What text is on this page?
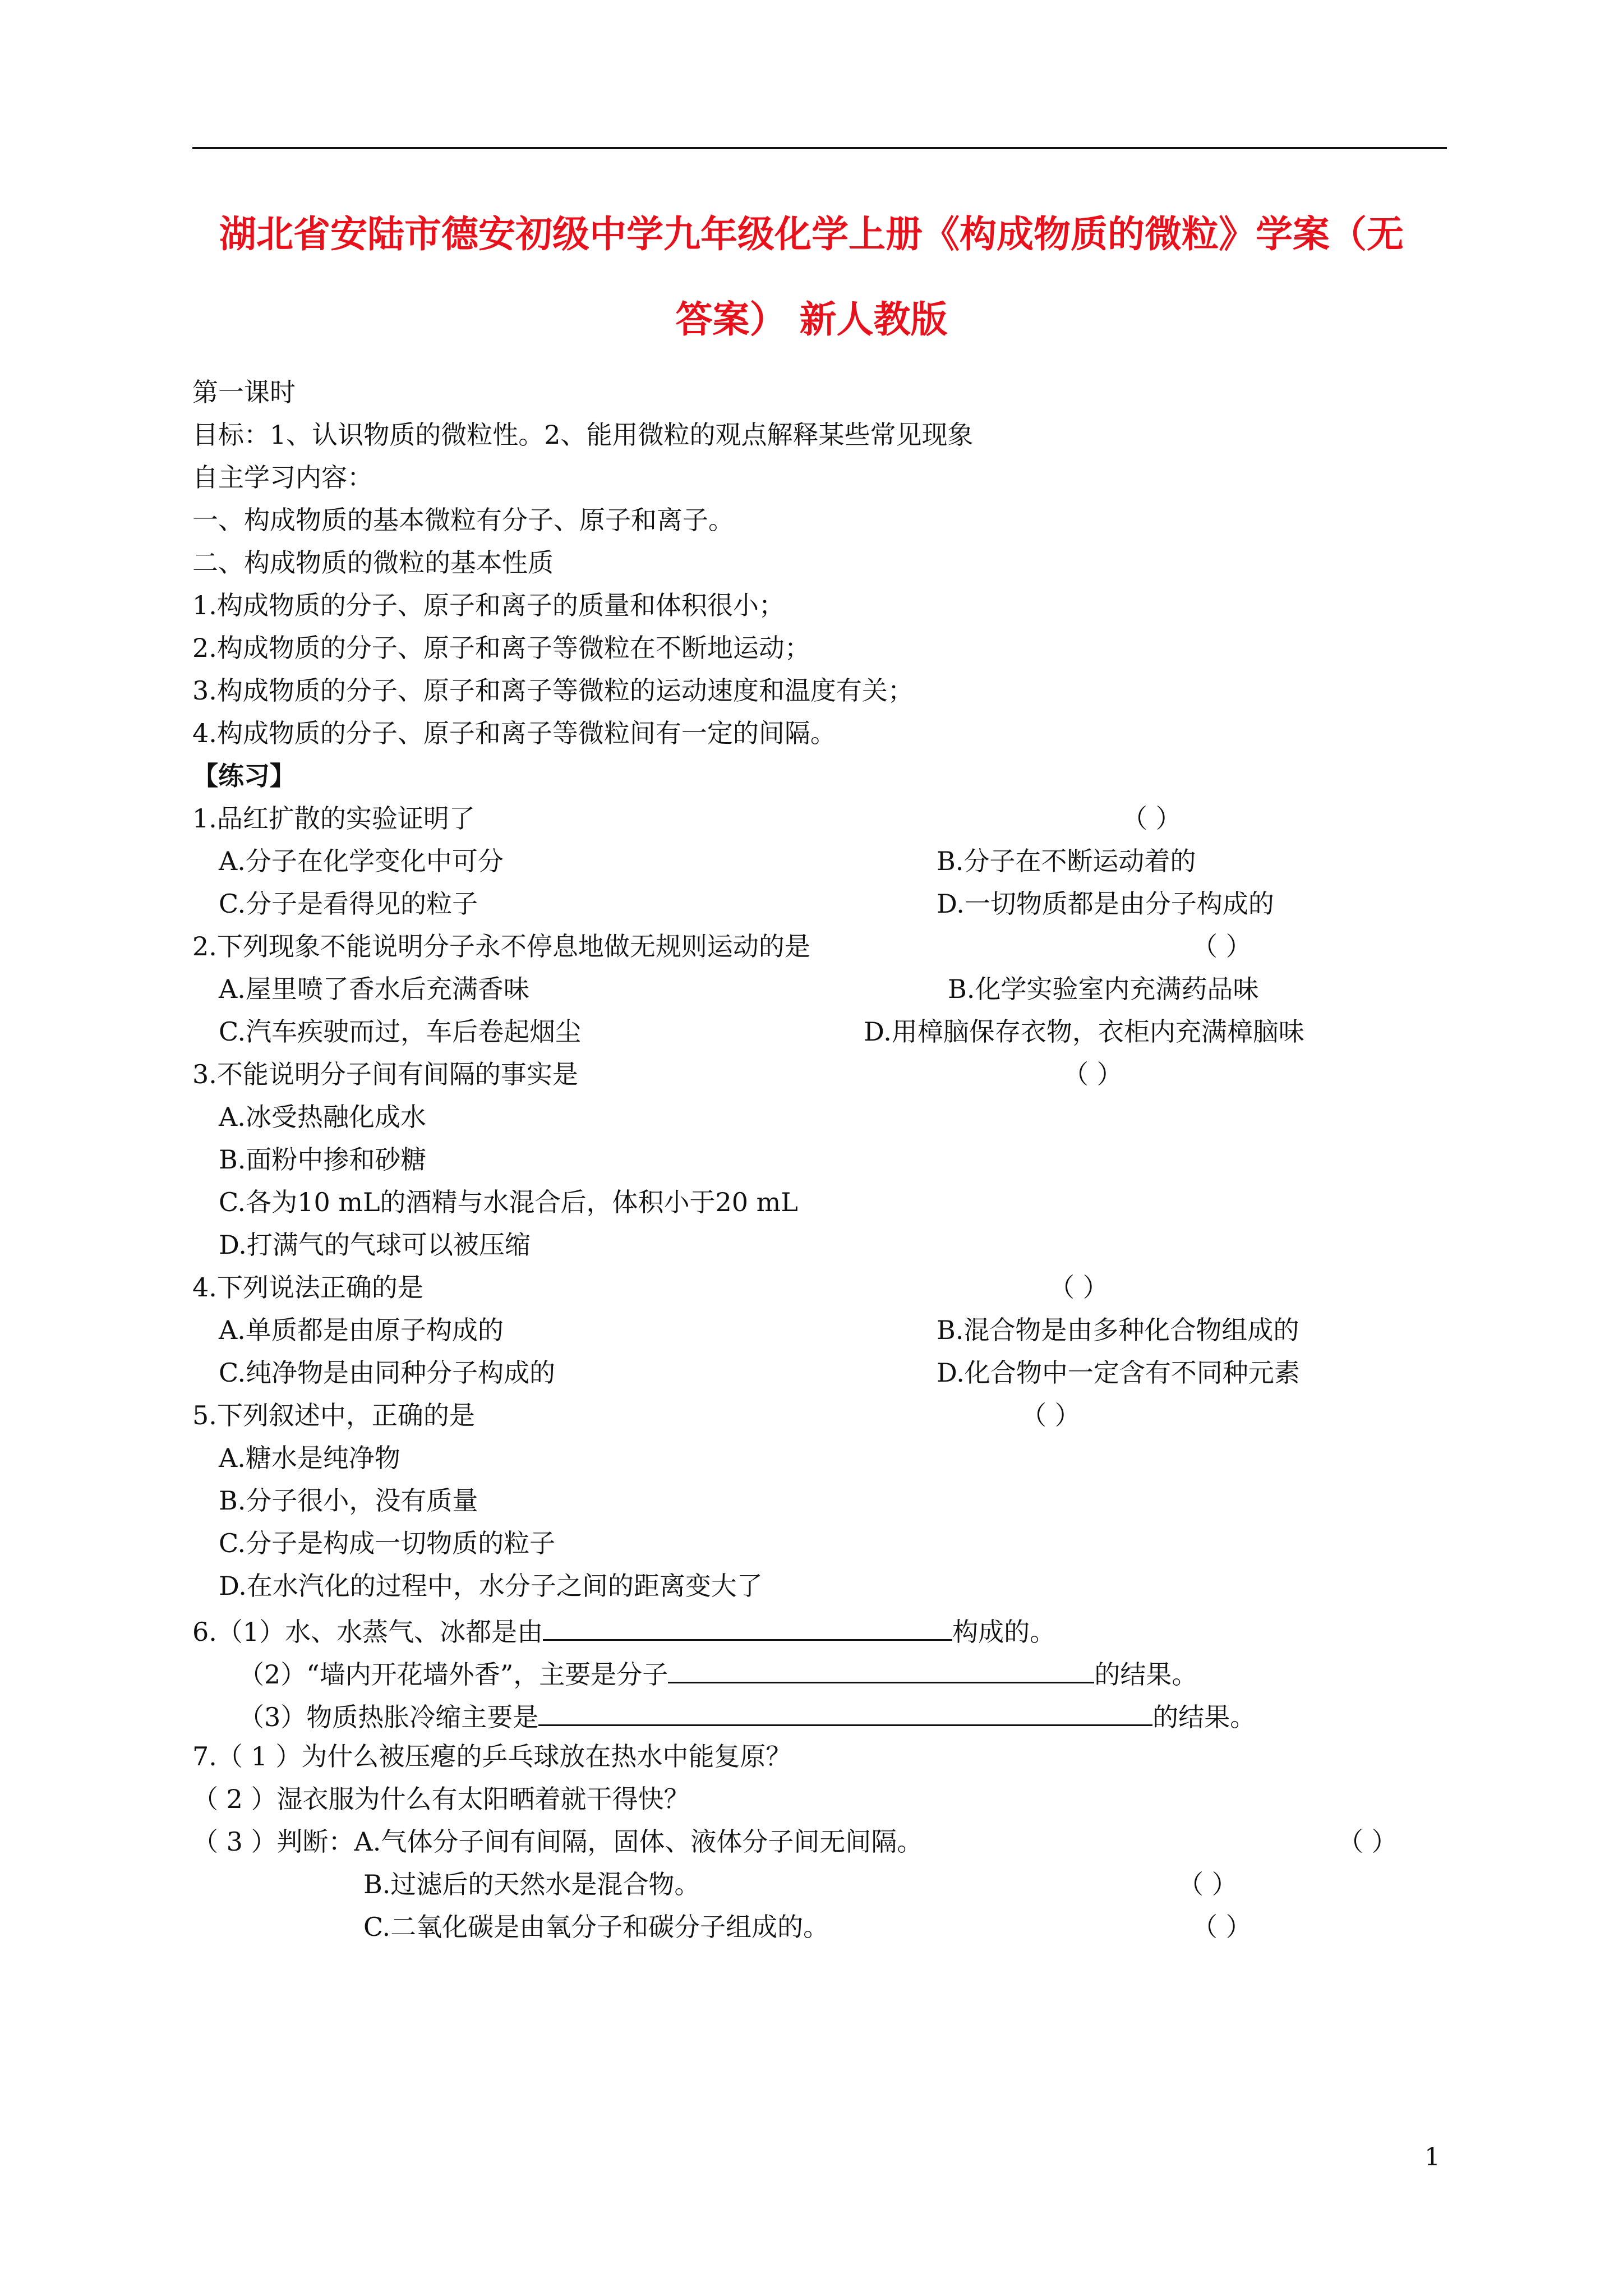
湖北省安陆市德安初级中学九年级化学上册《构成物质的微粒》学案（无
答案） 新人教版
第一课时
目标：1、认识物质的微粒性。2、能用微粒的观点解释某些常见现象
自主学习内容：
一、构成物质的基本微粒有分子、原子和离子。
二、构成物质的微粒的基本性质
1.构成物质的分子、原子和离子的质量和体积很小；
2.构成物质的分子、原子和离子等微粒在不断地运动；
3.构成物质的分子、原子和离子等微粒的运动速度和温度有关；
4.构成物质的分子、原子和离子等微粒间有一定的间隔。
【练习】
1.品红扩散的实验证明了	（ ）
A.分子在化学变化中可分	B.分子在不断运动着的
C.分子是看得见的粒子	D.一切物质都是由分子构成的
2.下列现象不能说明分子永不停息地做无规则运动的是	（ ）
A.屋里喷了香水后充满香味	B.化学实验室内充满药品味
C.汽车疾驶而过，车后卷起烟尘	D.用樟脑保存衣物，衣柜内充满樟脑味
3.不能说明分子间有间隔的事实是	（ ）
A.冰受热融化成水
B.面粉中掺和砂糖
C.各为10 mL的酒精与水混合后，体积小于20 mL
D.打满气的气球可以被压缩
4.下列说法正确的是	（ ）
A.单质都是由原子构成的	B.混合物是由多种化合物组成的
C.纯净物是由同种分子构成的	D.化合物中一定含有不同种元素
5.下列叙述中，正确的是	（ ）
A.糖水是纯净物
B.分子很小，没有质量
C.分子是构成一切物质的粒子
D.在水汽化的过程中，水分子之间的距离变大了
6.（1）水、水蒸气、冰都是由	构成的。
（2）“墙内开花墙外香”，主要是分子	的结果。
（3）物质热胀冷缩主要是	的结果。
7.（ 1 ）为什么被压瘪的乒乓球放在热水中能复原？
（ 2 ）湿衣服为什么有太阳晒着就干得快？
（ 3 ）判断：A.气体分子间有间隔，固体、液体分子间无间隔。	（ ）
B.过滤后的天然水是混合物。	（ ）
C.二氧化碳是由氧分子和碳分子组成的。	（ ）
1
